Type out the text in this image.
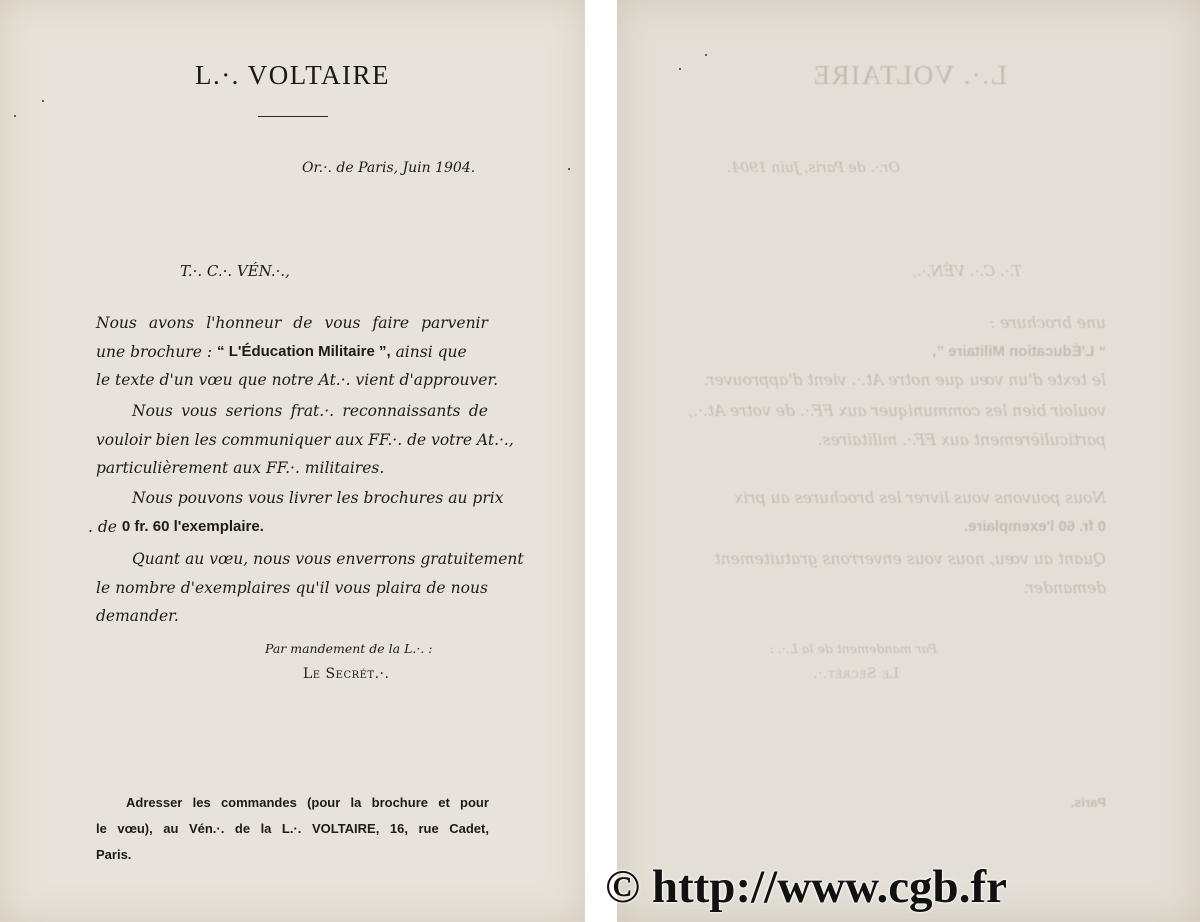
L.·. VOLTAIRE
Or.·. de Paris, Juin 1904.
T.·. C.·. VÉN.·.,
Nous avons l'honneur de vous faire parvenir
une brochure : “ L'Éducation Militaire ”, ainsi que
le texte d'un vœu que notre At.·. vient d'approuver.
Nous vous serions frat.·. reconnaissants de
vouloir bien les communiquer aux FF.·. de votre At.·.,
particulièrement aux FF.·. militaires.
Nous pouvons vous livrer les brochures au prix
. de 0 fr. 60 l'exemplaire.
Quant au vœu, nous vous enverrons gratuitement
le nombre d'exemplaires qu'il vous plaira de nous
demander.
Par mandement de la L.·. :
Le Secrét.·.
Adresser les commandes (pour la brochure et pour
le vœu), au Vén.·. de la L.·. VOLTAIRE, 16, rue Cadet,
Paris.
L.·. VOLTAIRE
Or.·. de Paris, Juin 1904.
T.·. C.·. VÉN.·.,
une brochure :
“ L'Éducation Militaire ”,
le texte d'un vœu que notre At.·. vient d'approuver.
vouloir bien les communiquer aux FF.·. de votre At.·.,
particulièrement aux FF.·. militaires.
Nous pouvons vous livrer les brochures au prix
0 fr. 60 l'exemplaire.
Quant au vœu, nous vous enverrons gratuitement
demander.
Par mandement de la L.·. :
Le Secrét.·.
Paris.
© http://www.cgb.fr
